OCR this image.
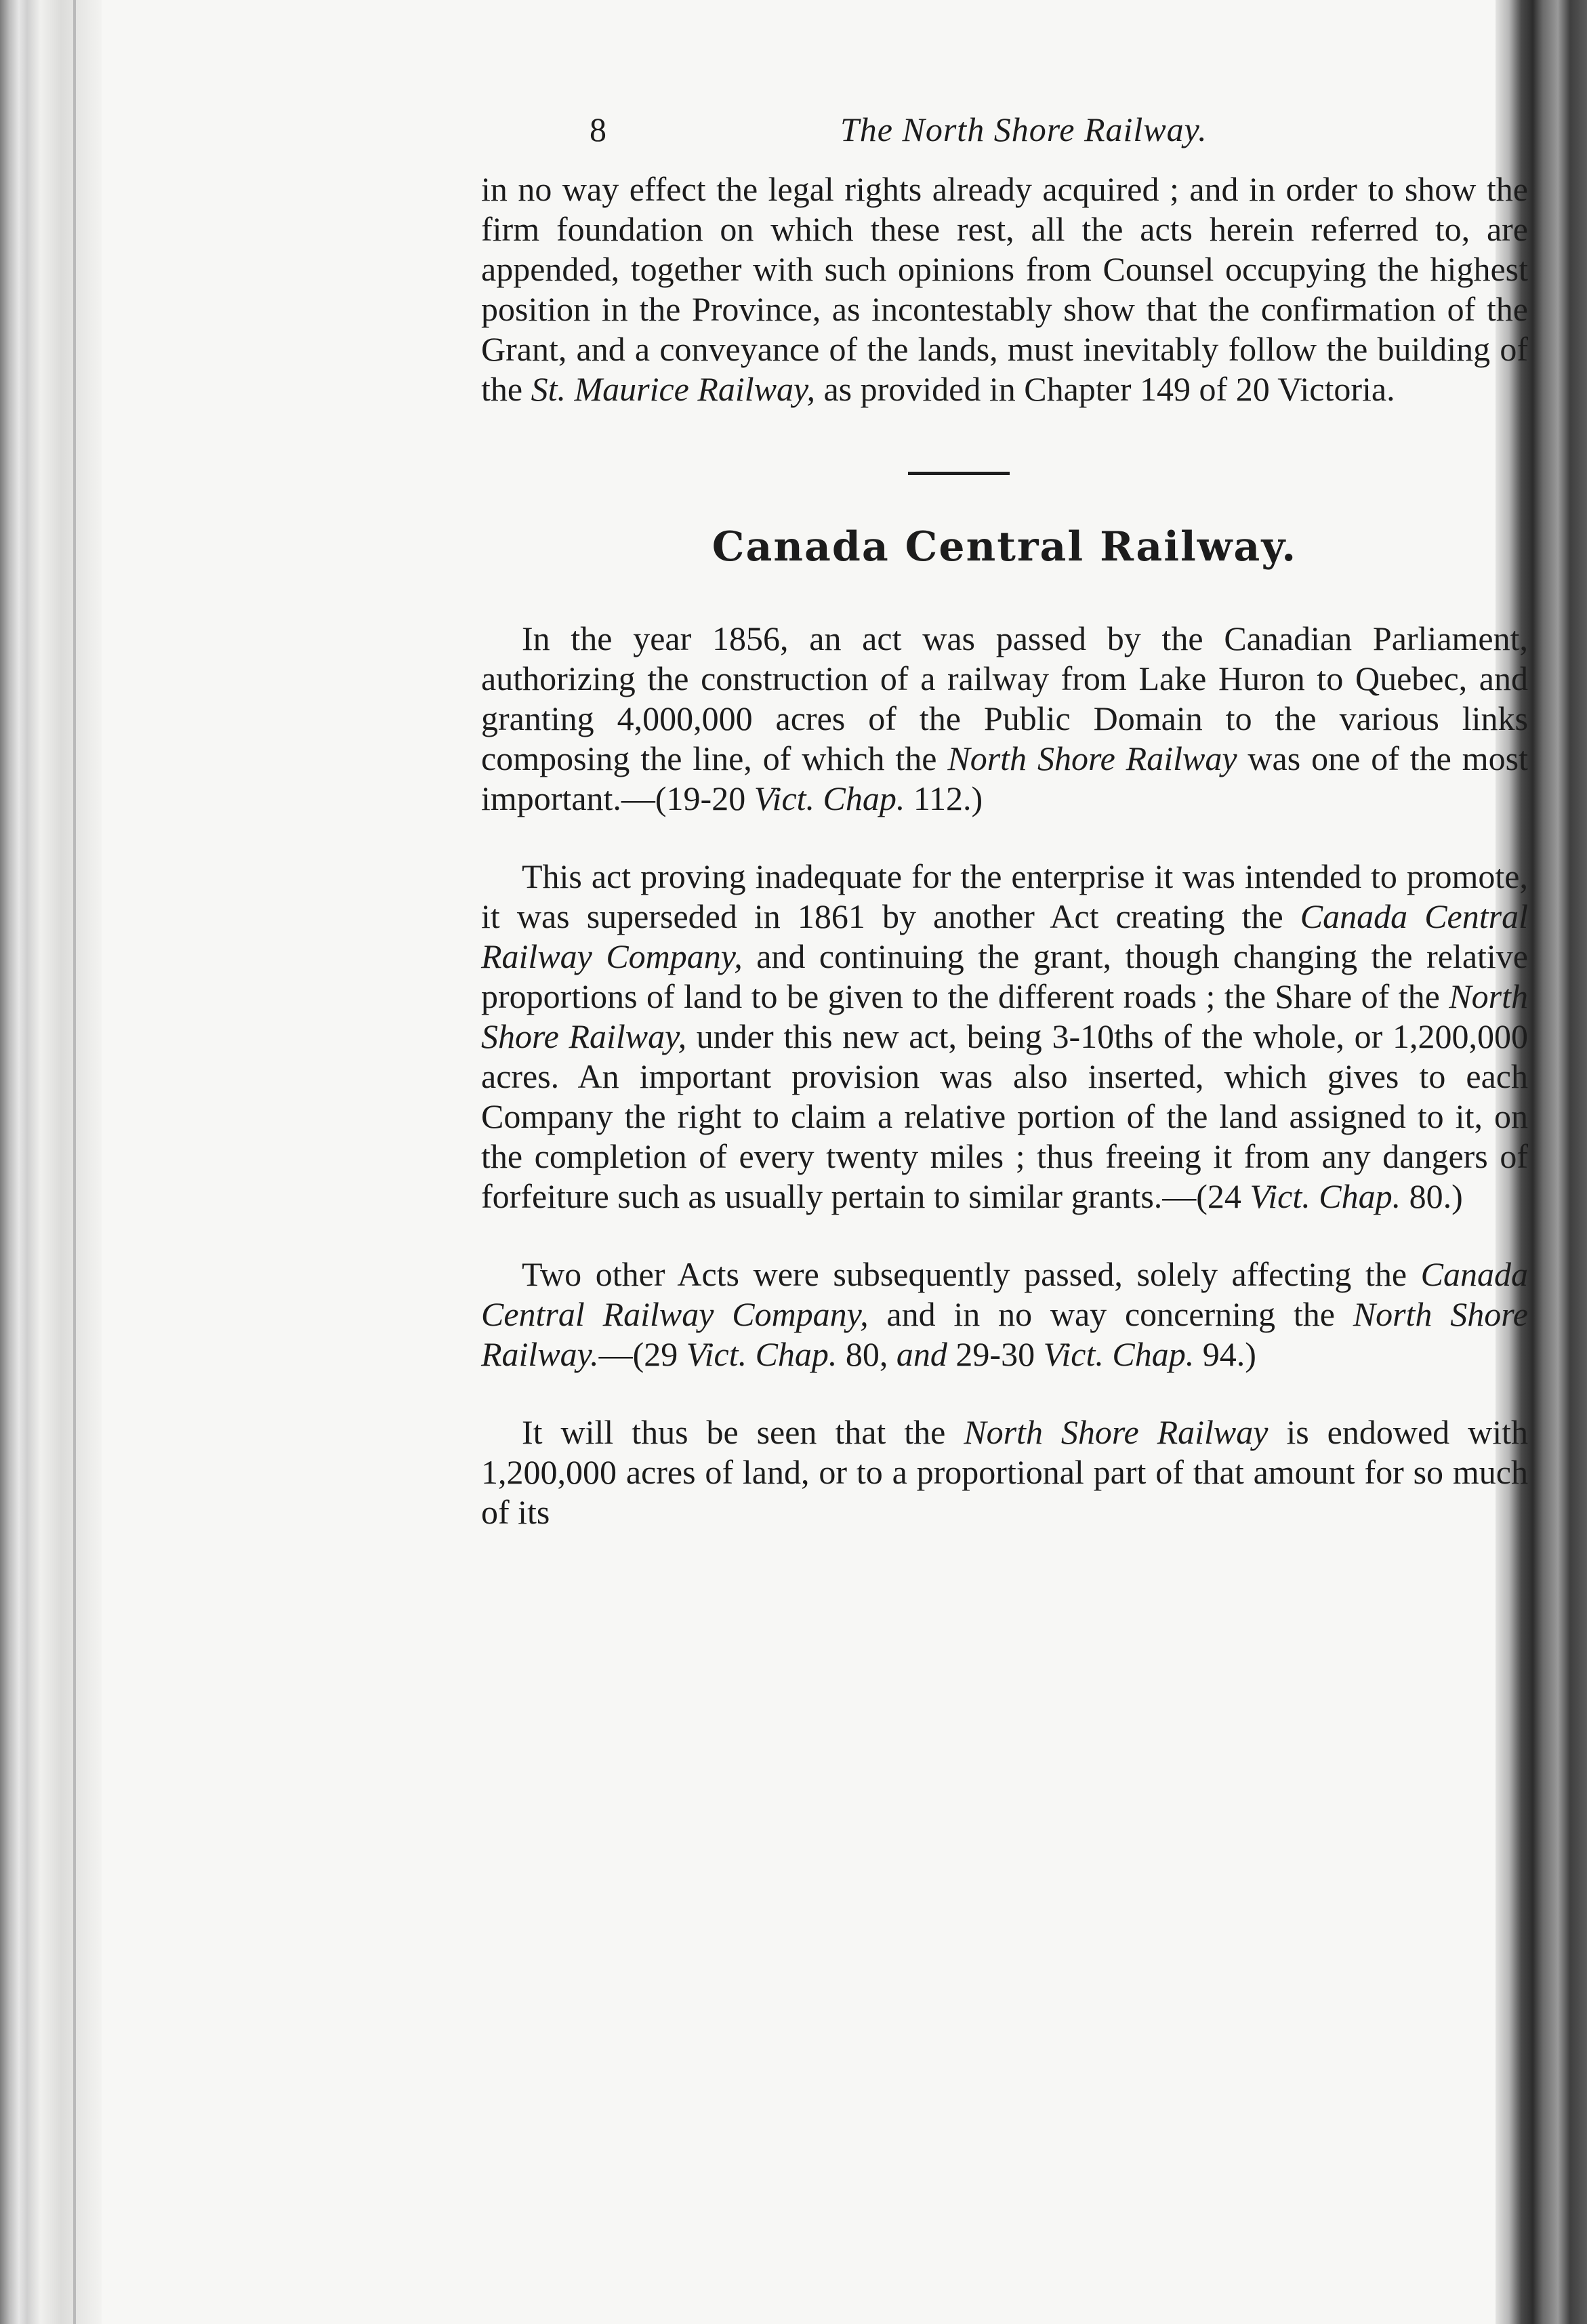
8	The North Shore Railway.

in no way effect the legal rights already acquired ; and in order to show the firm foundation on which these rest, all the acts herein referred to, are appended, together with such opinions from Counsel occupying the highest position in the Province, as incontestably show that the confirmation of the Grant, and a conveyance of the lands, must inevitably follow the building of the St. Maurice Railway, as provided in Chapter 149 of 20 Victoria.

Canada Central Railway.

In the year 1856, an act was passed by the Canadian Parliament, authorizing the construction of a railway from Lake Huron to Quebec, and granting 4,000,000 acres of the Public Domain to the various links composing the line, of which the North Shore Railway was one of the most important.—(19-20 Vict. Chap. 112.)

This act proving inadequate for the enterprise it was intended to promote, it was superseded in 1861 by another Act creating the Canada Central Railway Company, and continuing the grant, though changing the relative proportions of land to be given to the different roads ; the Share of the North Shore Railway, under this new act, being 3-10ths of the whole, or 1,200,000 acres. An important provision was also inserted, which gives to each Company the right to claim a relative portion of the land assigned to it, on the completion of every twenty miles ; thus freeing it from any dangers of forfeiture such as usually pertain to similar grants.—(24 Vict. Chap. 80.)

Two other Acts were subsequently passed, solely affecting the Canada Central Railway Company, and in no way concerning the North Shore Railway.—(29 Vict. Chap. 80, and 29-30 Vict. Chap. 94.)

It will thus be seen that the North Shore Railway is endowed with 1,200,000 acres of land, or to a proportional part of that amount for so much of its
